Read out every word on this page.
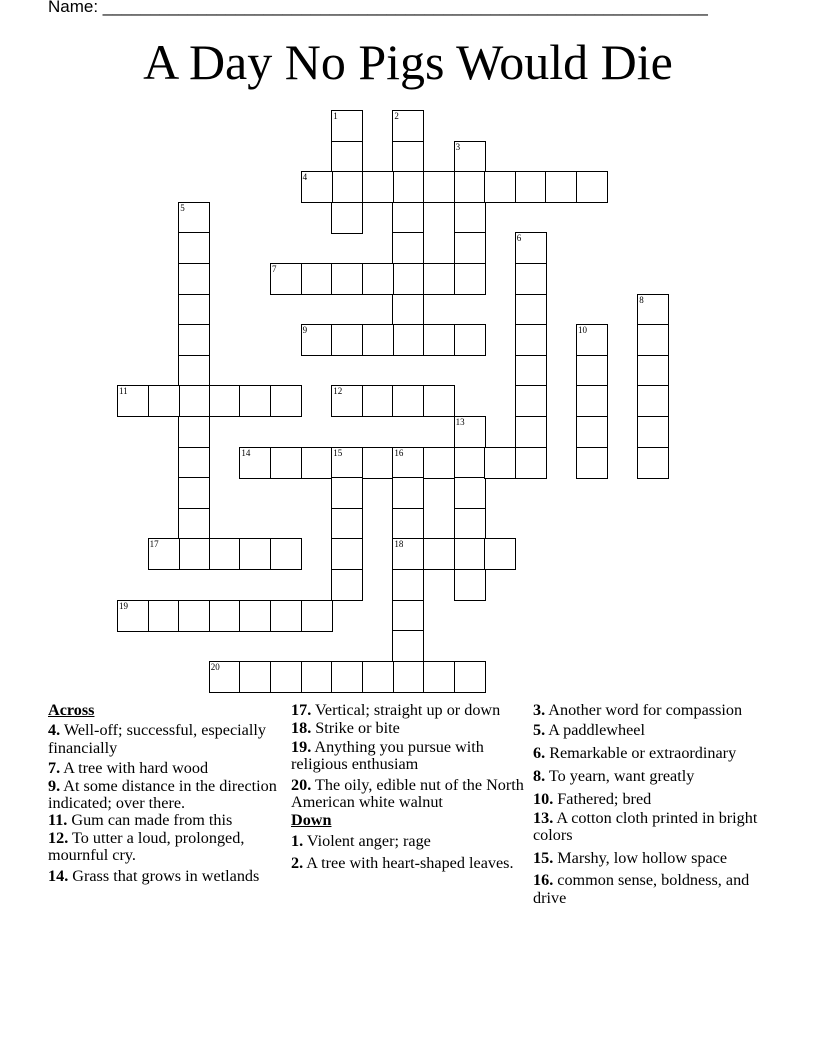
Name: ________________________________________________________________
A Day No Pigs Would Die
1	2
3
4
5
6
7
8
9	10
11	12
13
14	15	16
18
17
19
20
Across
4. Well-off; successful, especially financially
7. A tree with hard wood
9. At some distance in the direction indicated; over there.
11. Gum can made from this
12. To utter a loud, prolonged, mournful cry.
14. Grass that grows in wetlands
17. Vertical; straight up or down
18. Strike or bite
19. Anything you pursue with religious enthusiam
20. The oily, edible nut of the North American white walnut
Down
1. Violent anger; rage
2. A tree with heart-shaped leaves.
3. Another word for compassion
5. A paddlewheel
6. Remarkable or extraordinary
8. To yearn, want greatly
10. Fathered; bred
13. A cotton cloth printed in bright colors
15. Marshy, low hollow space
16. common sense, boldness, and drive
